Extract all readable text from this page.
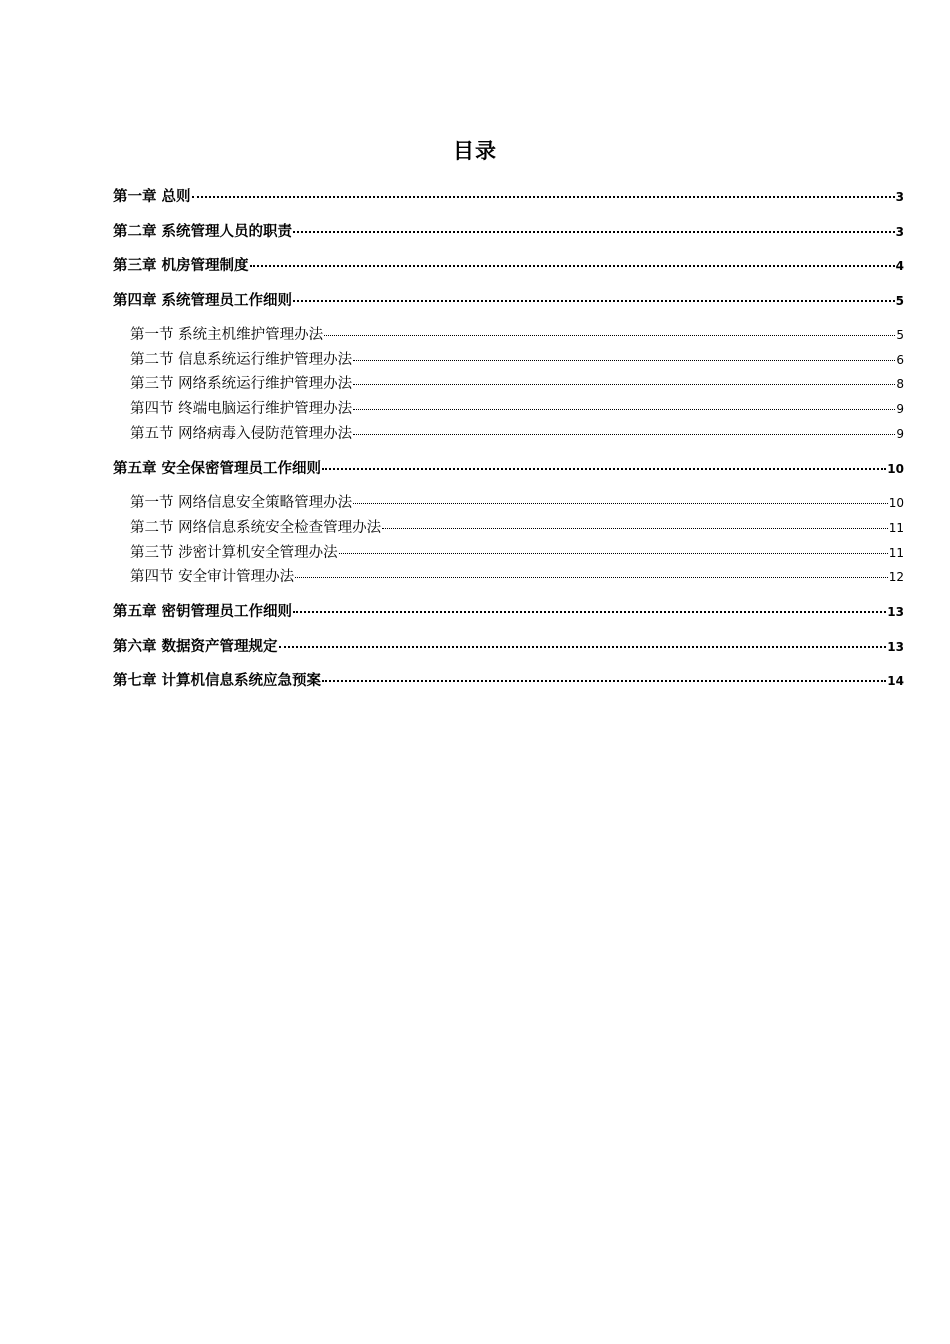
目录
第一章 总则	3
第二章 系统管理人员的职责	3
第三章 机房管理制度	4
第四章 系统管理员工作细则	5
第一节 系统主机维护管理办法	5
第二节 信息系统运行维护管理办法	6
第三节 网络系统运行维护管理办法	8
第四节 终端电脑运行维护管理办法	9
第五节 网络病毒入侵防范管理办法	9
第五章 安全保密管理员工作细则	10
第一节 网络信息安全策略管理办法	10
第二节 网络信息系统安全检查管理办法	11
第三节 涉密计算机安全管理办法	11
第四节 安全审计管理办法	12
第五章 密钥管理员工作细则	13
第六章 数据资产管理规定	13
第七章 计算机信息系统应急预案	14
